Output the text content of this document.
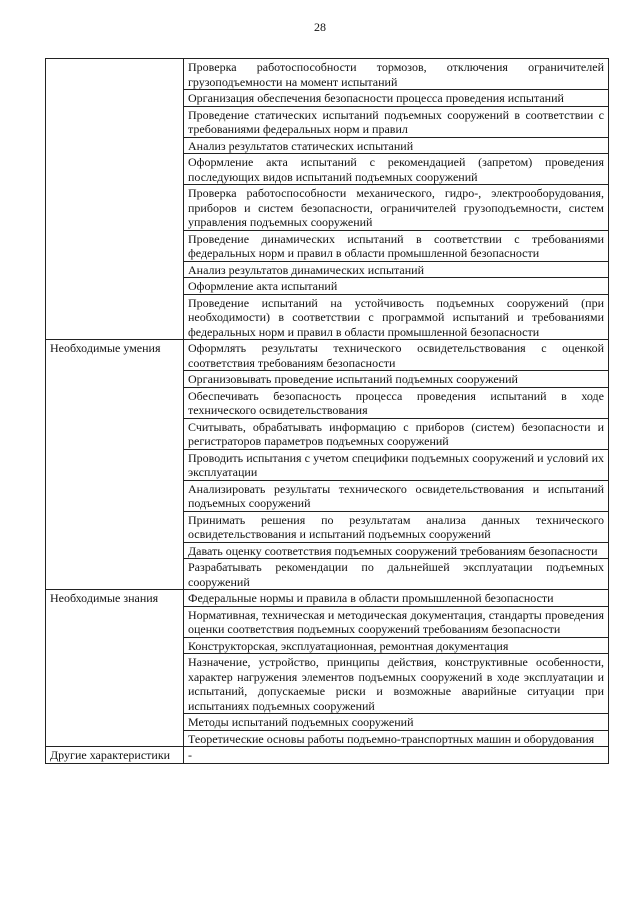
28
	Проверка работоспособности тормозов, отключения ограничителей грузоподъемности на момент испытаний
	Организация обеспечения безопасности процесса проведения испытаний
	Проведение статических испытаний подъемных сооружений в соответствии с требованиями федеральных норм и правил
	Анализ результатов статических испытаний
	Оформление акта испытаний с рекомендацией (запретом) проведения последующих видов испытаний подъемных сооружений
	Проверка работоспособности механического, гидро-, электрооборудования, приборов и систем безопасности, ограничителей грузоподъемности, систем управления подъемных сооружений
	Проведение динамических испытаний в соответствии с требованиями федеральных норм и правил в области промышленной безопасности
	Анализ результатов динамических испытаний
	Оформление акта испытаний
	Проведение испытаний на устойчивость подъемных сооружений (при необходимости) в соответствии с программой испытаний и требованиями федеральных норм и правил в области промышленной безопасности
Необходимые умения	Оформлять результаты технического освидетельствования с оценкой соответствия требованиям безопасности
	Организовывать проведение испытаний подъемных сооружений
	Обеспечивать безопасность процесса проведения испытаний в ходе технического освидетельствования
	Считывать, обрабатывать информацию с приборов (систем) безопасности и регистраторов параметров подъемных сооружений
	Проводить испытания с учетом специфики подъемных сооружений и условий их эксплуатации
	Анализировать результаты технического освидетельствования и испытаний подъемных сооружений
	Принимать решения по результатам анализа данных технического освидетельствования и испытаний подъемных сооружений
	Давать оценку соответствия подъемных сооружений требованиям безопасности
	Разрабатывать рекомендации по дальнейшей эксплуатации подъемных сооружений
Необходимые знания	Федеральные нормы и правила в области промышленной безопасности
	Нормативная, техническая и методическая документация, стандарты проведения оценки соответствия подъемных сооружений требованиям безопасности
	Конструкторская, эксплуатационная, ремонтная документация
	Назначение, устройство, принципы действия, конструктивные особенности, характер нагружения элементов подъемных сооружений в ходе эксплуатации и испытаний, допускаемые риски и возможные аварийные ситуации при испытаниях подъемных сооружений
	Методы испытаний подъемных сооружений
	Теоретические основы работы подъемно-транспортных машин и оборудования
Другие характеристики	-
